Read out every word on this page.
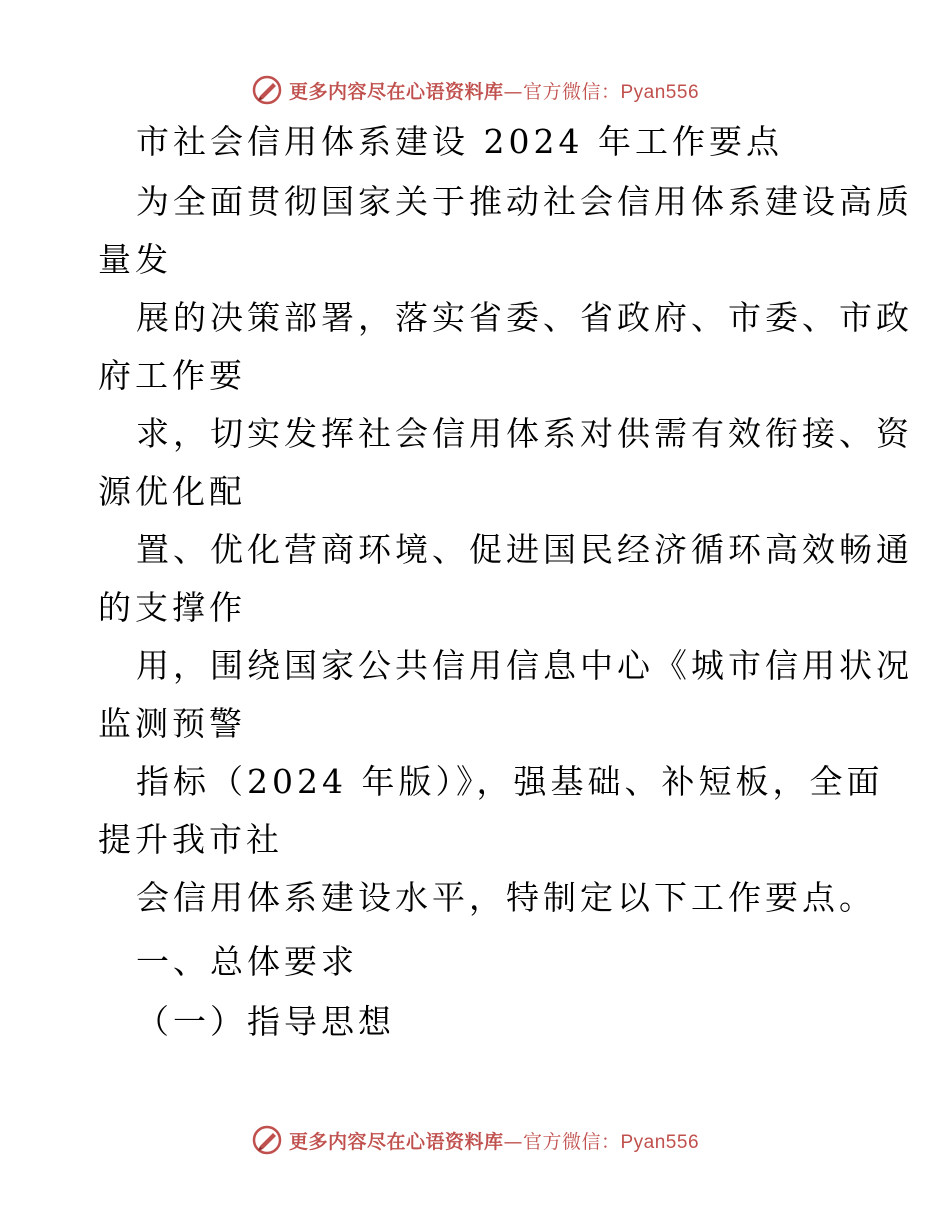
更多内容尽在心语资料库—官方微信：Pyan556
市社会信用体系建设 2024 年工作要点
为全面贯彻国家关于推动社会信用体系建设高质
量发
展的决策部署，落实省委、省政府、市委、市政
府工作要
求，切实发挥社会信用体系对供需有效衔接、资
源优化配
置、优化营商环境、促进国民经济循环高效畅通
的支撑作
用，围绕国家公共信用信息中心《城市信用状况
监测预警
指标（2024 年版）》，强基础、补短板，全面
提升我市社
会信用体系建设水平，特制定以下工作要点。
一、总体要求
（一）指导思想
更多内容尽在心语资料库—官方微信：Pyan556
